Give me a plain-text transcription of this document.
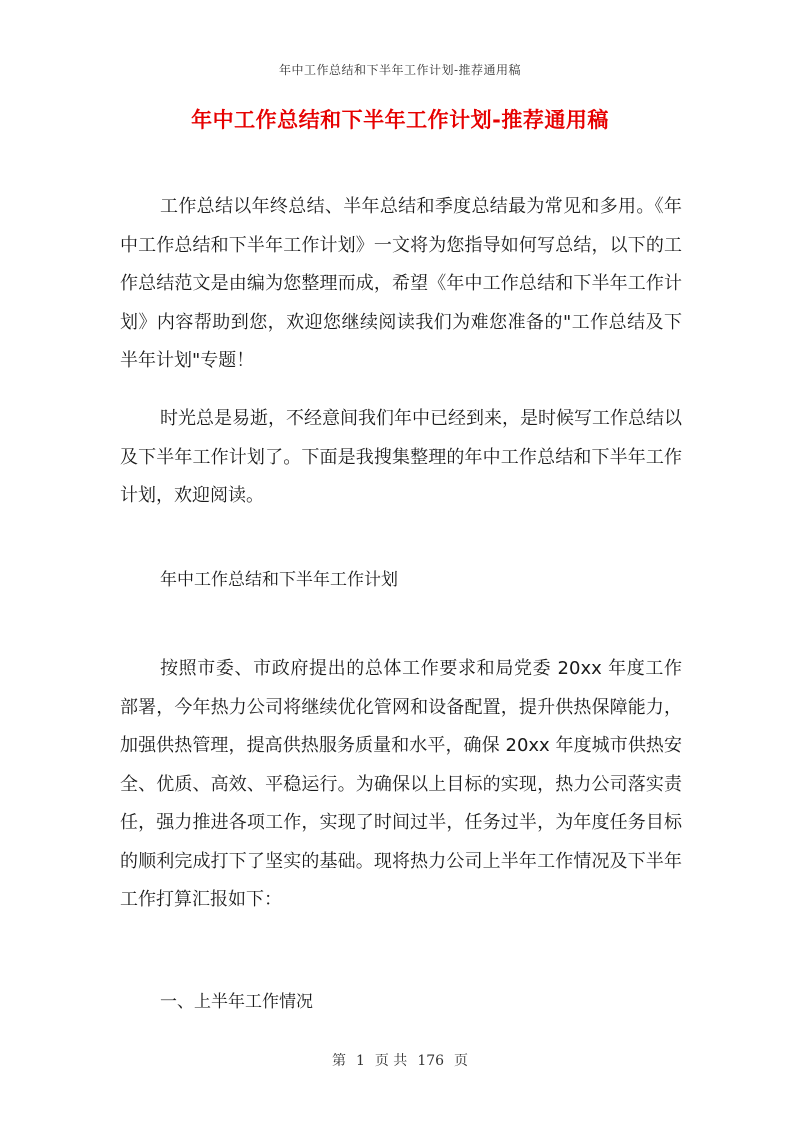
年中工作总结和下半年工作计划-推荐通用稿
年中工作总结和下半年工作计划-推荐通用稿

工作总结以年终总结、半年总结和季度总结最为常见和多用。《年中工作总结和下半年工作计划》一文将为您指导如何写总结，以下的工作总结范文是由编为您整理而成，希望《年中工作总结和下半年工作计划》内容帮助到您，欢迎您继续阅读我们为难您准备的"工作总结及下半年计划"专题！

时光总是易逝，不经意间我们年中已经到来，是时候写工作总结以及下半年工作计划了。下面是我搜集整理的年中工作总结和下半年工作计划，欢迎阅读。

年中工作总结和下半年工作计划

按照市委、市政府提出的总体工作要求和局党委 20xx 年度工作部署，今年热力公司将继续优化管网和设备配置，提升供热保障能力，加强供热管理，提高供热服务质量和水平，确保 20xx 年度城市供热安全、优质、高效、平稳运行。为确保以上目标的实现，热力公司落实责任，强力推进各项工作，实现了时间过半，任务过半，为年度任务目标的顺利完成打下了坚实的基础。现将热力公司上半年工作情况及下半年工作打算汇报如下：

一、上半年工作情况
第 1 页 共 176 页
